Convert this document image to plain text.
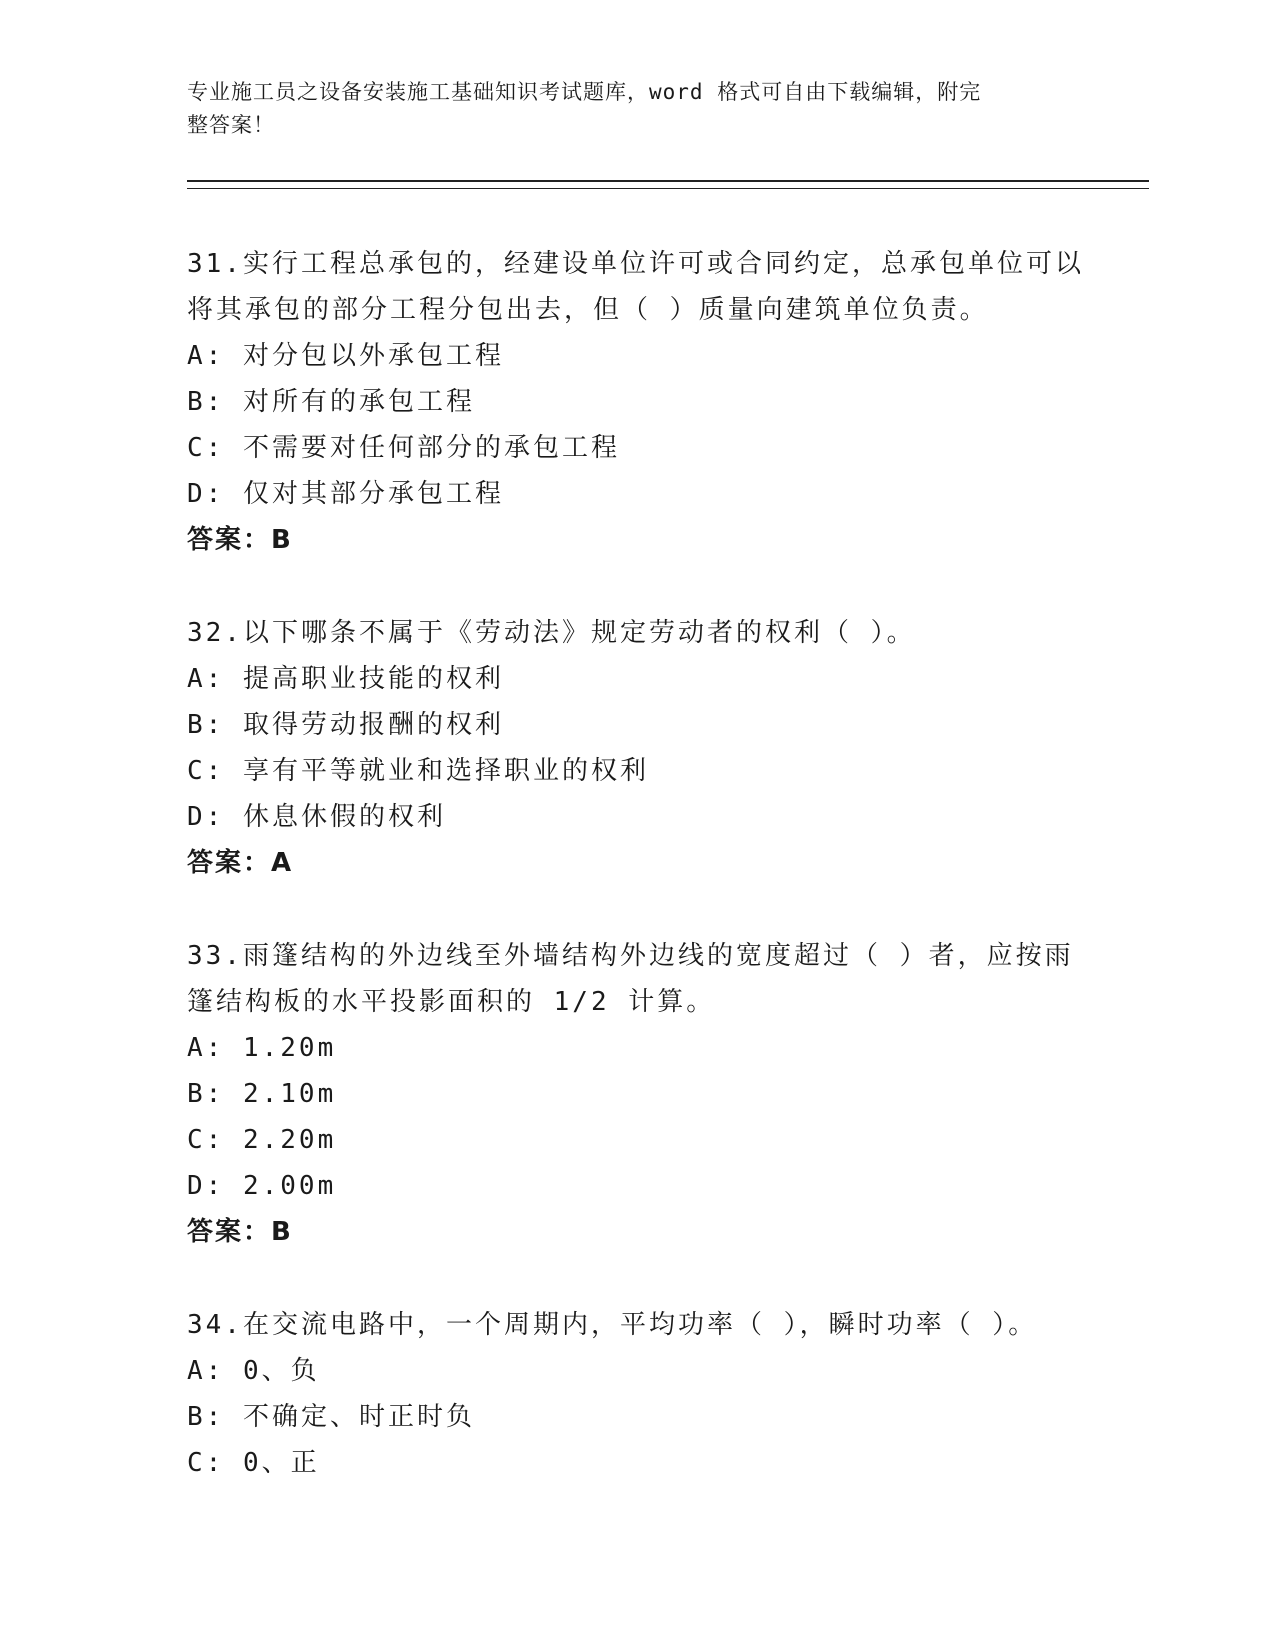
专业施工员之设备安装施工基础知识考试题库，word 格式可自由下载编辑，附完
整答案！
31.实行工程总承包的，经建设单位许可或合同约定，总承包单位可以
将其承包的部分工程分包出去，但（ ）质量向建筑单位负责。
A: 对分包以外承包工程
B: 对所有的承包工程
C: 不需要对任何部分的承包工程
D: 仅对其部分承包工程
答案：B
32.以下哪条不属于《劳动法》规定劳动者的权利（ ）。
A: 提高职业技能的权利
B: 取得劳动报酬的权利
C: 享有平等就业和选择职业的权利
D: 休息休假的权利
答案：A
33.雨篷结构的外边线至外墙结构外边线的宽度超过（ ）者，应按雨
篷结构板的水平投影面积的 1/2 计算。
A: 1.20m
B: 2.10m
C: 2.20m
D: 2.00m
答案：B
34.在交流电路中，一个周期内，平均功率（ ），瞬时功率（ ）。
A: 0、负
B: 不确定、时正时负
C: 0、正
